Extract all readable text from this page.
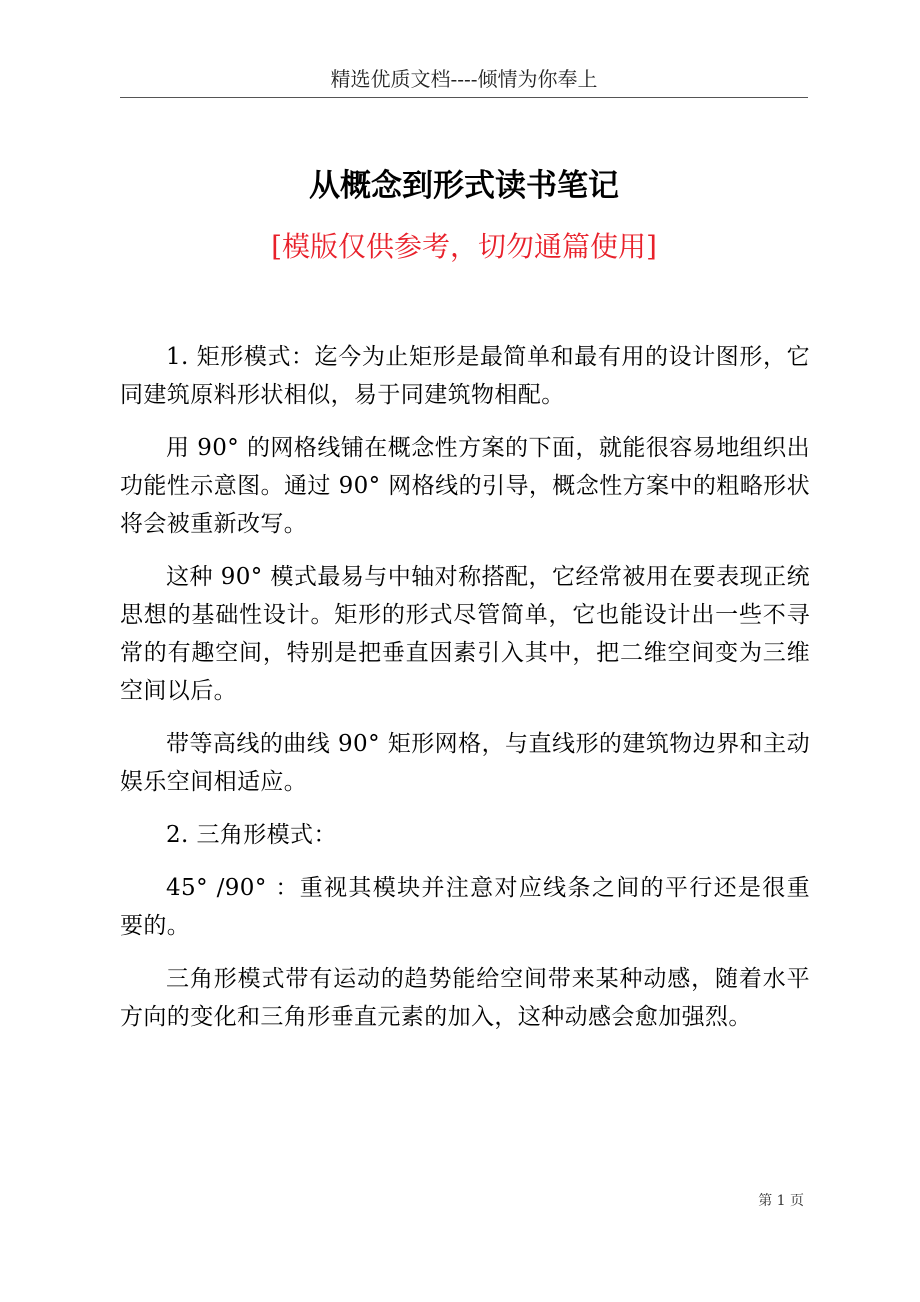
精选优质文档----倾情为你奉上
从概念到形式读书笔记
[模版仅供参考，切勿通篇使用]

1. 矩形模式：迄今为止矩形是最简单和最有用的设计图形，它同建筑原料形状相似，易于同建筑物相配。

用 90° 的网格线铺在概念性方案的下面，就能很容易地组织出功能性示意图。通过 90° 网格线的引导，概念性方案中的粗略形状将会被重新改写。

这种 90° 模式最易与中轴对称搭配，它经常被用在要表现正统思想的基础性设计。矩形的形式尽管简单，它也能设计出一些不寻常的有趣空间，特别是把垂直因素引入其中，把二维空间变为三维空间以后。

带等高线的曲线 90° 矩形网格，与直线形的建筑物边界和主动娱乐空间相适应。

2. 三角形模式：

45° /90° ：重视其模块并注意对应线条之间的平行还是很重要的。

三角形模式带有运动的趋势能给空间带来某种动感，随着水平方向的变化和三角形垂直元素的加入，这种动感会愈加强烈。

第 1 页
